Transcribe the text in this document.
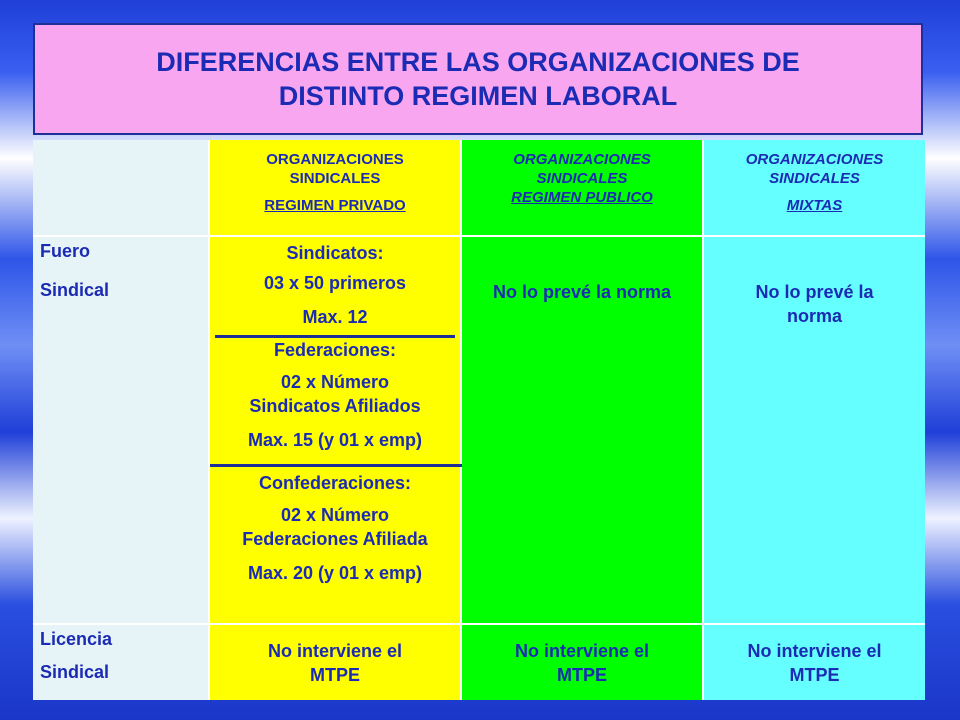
DIFERENCIAS ENTRE LAS ORGANIZACIONES DE
DISTINTO REGIMEN LABORAL
ORGANIZACIONES
SINDICALES
REGIMEN PRIVADO
ORGANIZACIONES
SINDICALES
REGIMEN PUBLICO
ORGANIZACIONES
SINDICALES
MIXTAS
Fuero
Sindical
Sindicatos:
03 x 50 primeros
Max. 12
Federaciones:
02 x Número
Sindicatos Afiliados
Max. 15 (y 01 x emp)
Confederaciones:
02 x Número
Federaciones Afiliada
Max. 20 (y 01 x emp)
No lo prevé la norma	No lo prevé la
norma
Licencia
Sindical
No interviene el
MTPE
No interviene el
MTPE
No interviene el
MTPE
